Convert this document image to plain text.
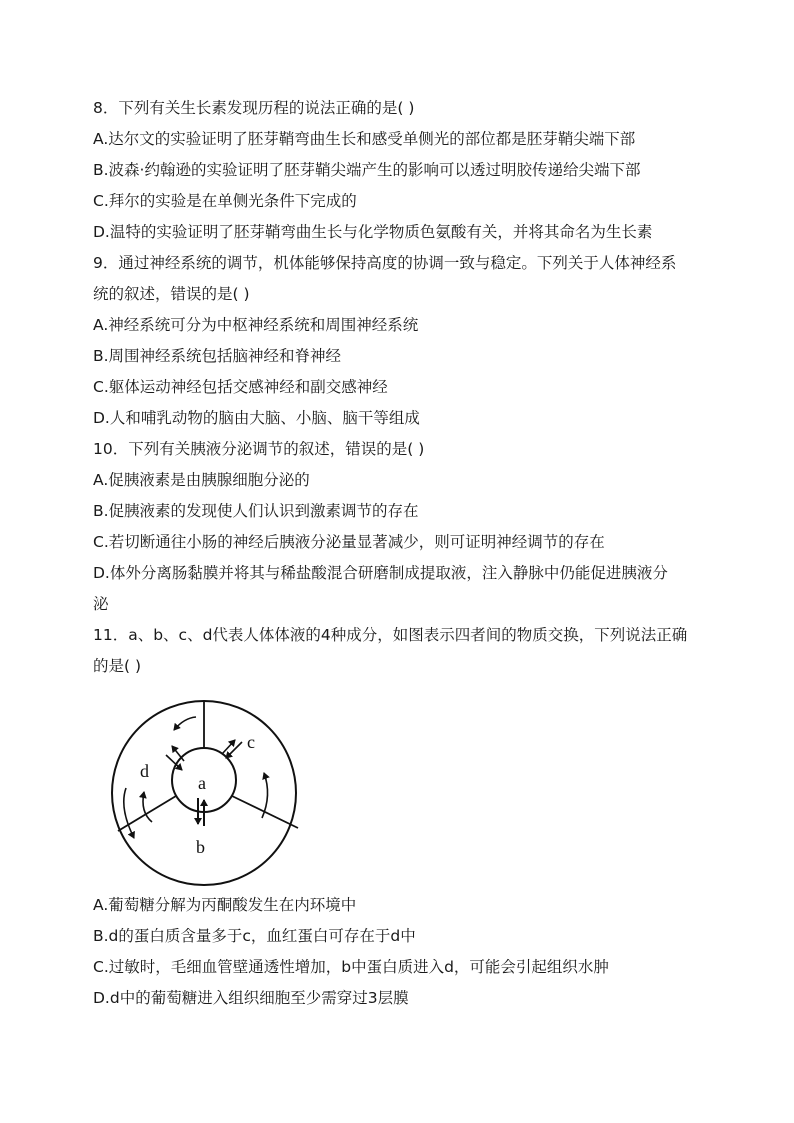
8．下列有关生长素发现历程的说法正确的是( )
A.达尔文的实验证明了胚芽鞘弯曲生长和感受单侧光的部位都是胚芽鞘尖端下部
B.波森·约翰逊的实验证明了胚芽鞘尖端产生的影响可以透过明胶传递给尖端下部
C.拜尔的实验是在单侧光条件下完成的
D.温特的实验证明了胚芽鞘弯曲生长与化学物质色氨酸有关，并将其命名为生长素
9．通过神经系统的调节，机体能够保持高度的协调一致与稳定。下列关于人体神经系
统的叙述，错误的是( )
A.神经系统可分为中枢神经系统和周围神经系统
B.周围神经系统包括脑神经和脊神经
C.躯体运动神经包括交感神经和副交感神经
D.人和哺乳动物的脑由大脑、小脑、脑干等组成
10．下列有关胰液分泌调节的叙述，错误的是( )
A.促胰液素是由胰腺细胞分泌的
B.促胰液素的发现使人们认识到激素调节的存在
C.若切断通往小肠的神经后胰液分泌量显著减少，则可证明神经调节的存在
D.体外分离肠黏膜并将其与稀盐酸混合研磨制成提取液，注入静脉中仍能促进胰液分
泌
11．a、b、c、d代表人体体液的4种成分，如图表示四者间的物质交换，下列说法正确
的是( )
a
b
c
d
A.葡萄糖分解为丙酮酸发生在内环境中
B.d的蛋白质含量多于c，血红蛋白可存在于d中
C.过敏时，毛细血管壁通透性增加，b中蛋白质进入d，可能会引起组织水肿
D.d中的葡萄糖进入组织细胞至少需穿过3层膜
